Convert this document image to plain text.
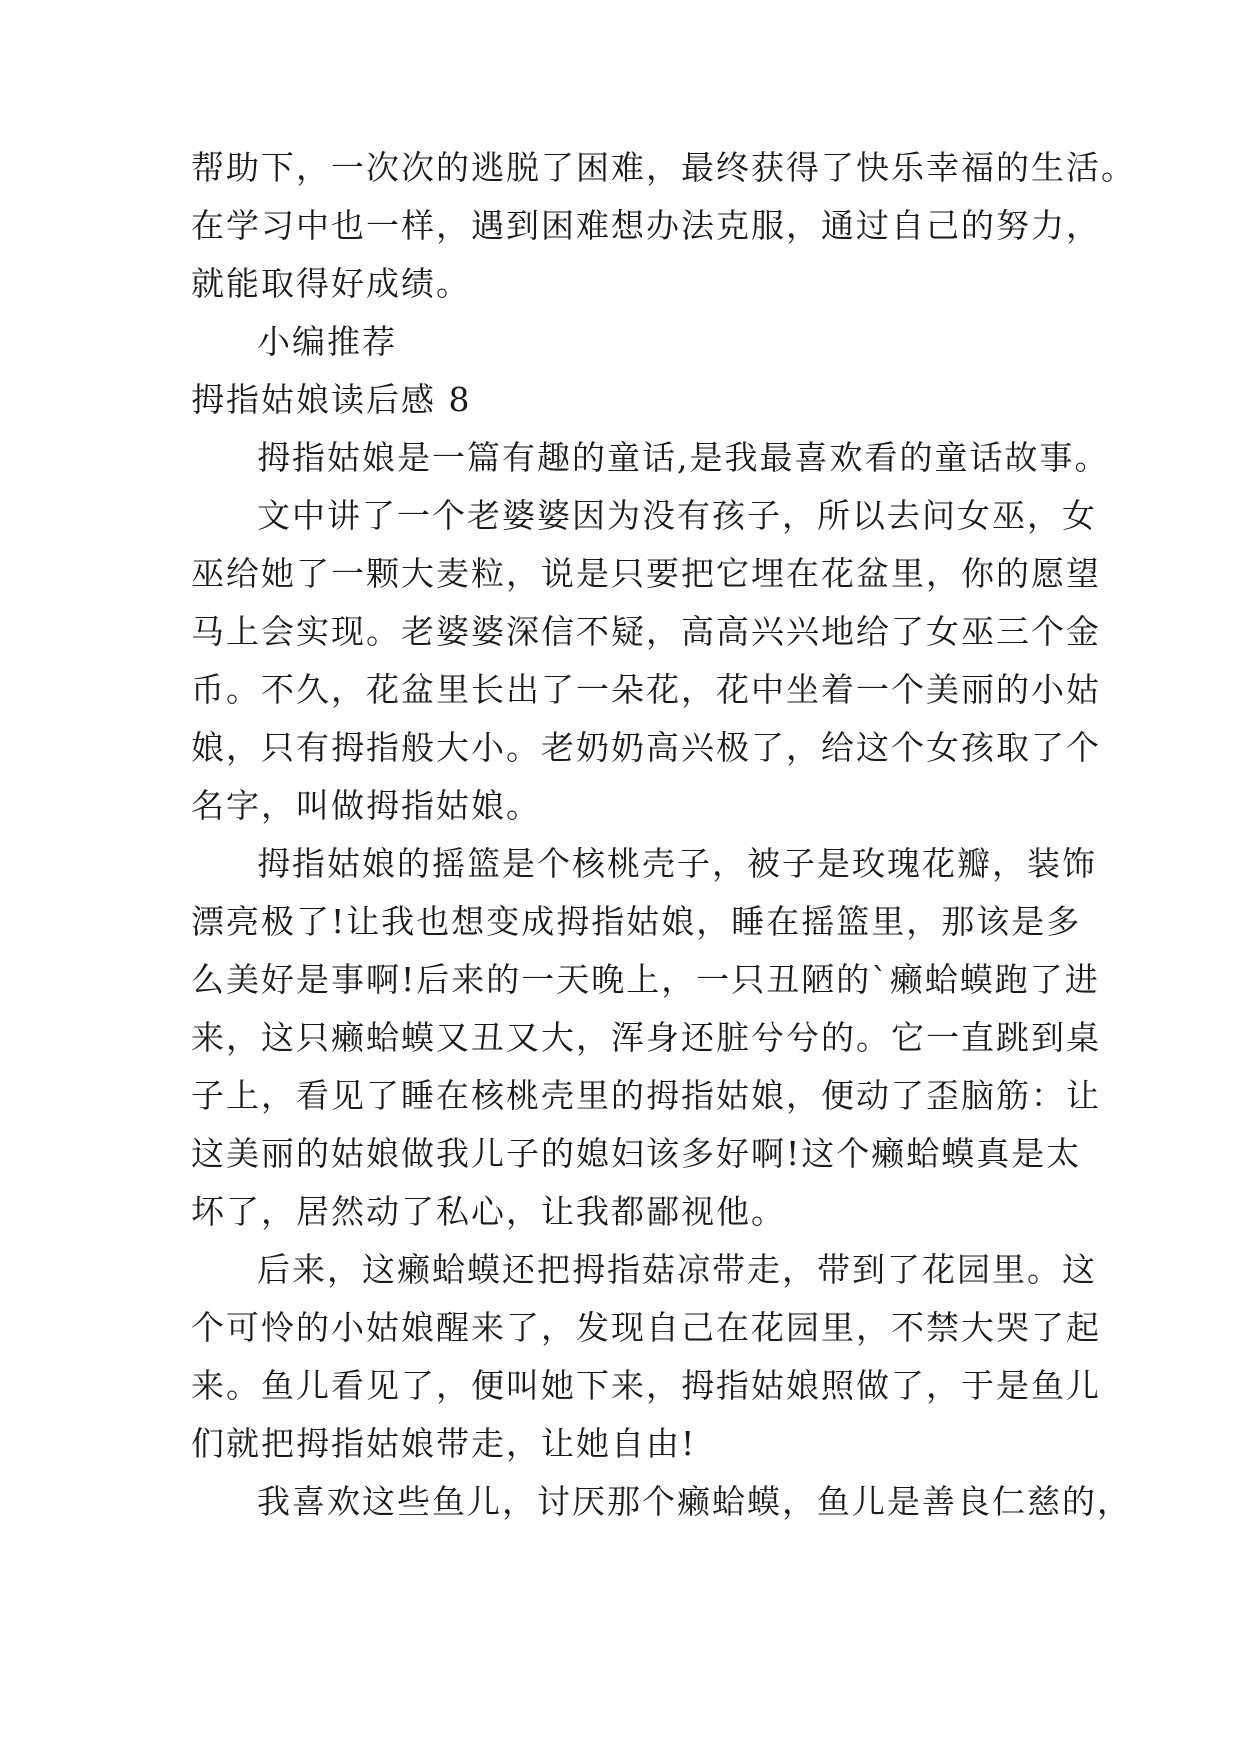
帮助下，一次次的逃脱了困难，最终获得了快乐幸福的生活。
在学习中也一样，遇到困难想办法克服，通过自己的努力，
就能取得好成绩。
小编推荐
拇指姑娘读后感 8
拇指姑娘是一篇有趣的童话,是我最喜欢看的童话故事。
文中讲了一个老婆婆因为没有孩子，所以去问女巫，女
巫给她了一颗大麦粒，说是只要把它埋在花盆里，你的愿望
马上会实现。老婆婆深信不疑，高高兴兴地给了女巫三个金
币。不久，花盆里长出了一朵花，花中坐着一个美丽的小姑
娘，只有拇指般大小。老奶奶高兴极了，给这个女孩取了个
名字，叫做拇指姑娘。
拇指姑娘的摇篮是个核桃壳子，被子是玫瑰花瓣，装饰
漂亮极了!让我也想变成拇指姑娘，睡在摇篮里，那该是多
么美好是事啊!后来的一天晚上，一只丑陋的`癞蛤蟆跑了进
来，这只癞蛤蟆又丑又大，浑身还脏兮兮的。它一直跳到桌
子上，看见了睡在核桃壳里的拇指姑娘，便动了歪脑筋：让
这美丽的姑娘做我儿子的媳妇该多好啊!这个癞蛤蟆真是太
坏了，居然动了私心，让我都鄙视他。
后来，这癞蛤蟆还把拇指菇凉带走，带到了花园里。这
个可怜的小姑娘醒来了，发现自己在花园里，不禁大哭了起
来。鱼儿看见了，便叫她下来，拇指姑娘照做了，于是鱼儿
们就把拇指姑娘带走，让她自由!
我喜欢这些鱼儿，讨厌那个癞蛤蟆，鱼儿是善良仁慈的，
